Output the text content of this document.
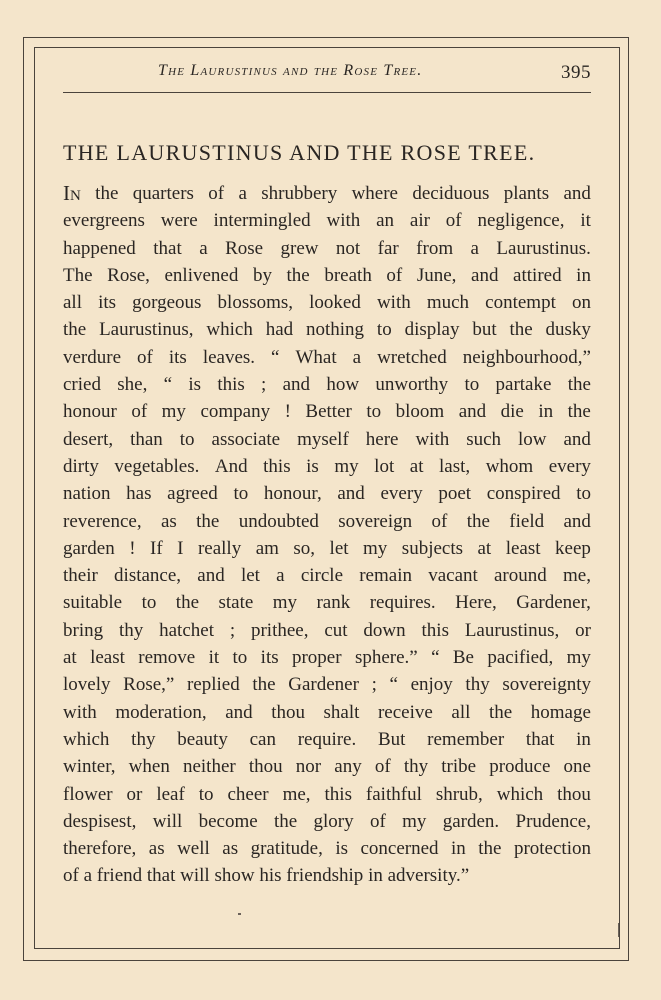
The Laurustinus and the Rose Tree.	395
THE LAURUSTINUS AND THE ROSE TREE.
In the quarters of a shrubbery where deciduous plants and
evergreens were intermingled with an air of negligence, it
happened that a Rose grew not far from a Laurustinus.
The Rose, enlivened by the breath of June, and attired in
all its gorgeous blossoms, looked with much contempt on
the Laurustinus, which had nothing to display but the dusky
verdure of its leaves. “ What a wretched neighbourhood,”
cried she, “ is this ; and how unworthy to partake the
honour of my company ! Better to bloom and die in the
desert, than to associate myself here with such low and
dirty vegetables. And this is my lot at last, whom every
nation has agreed to honour, and every poet conspired to
reverence, as the undoubted sovereign of the field and
garden ! If I really am so, let my subjects at least keep
their distance, and let a circle remain vacant around me,
suitable to the state my rank requires. Here, Gardener,
bring thy hatchet ; prithee, cut down this Laurustinus, or
at least remove it to its proper sphere.” “ Be pacified, my
lovely Rose,” replied the Gardener ; “ enjoy thy sovereignty
with moderation, and thou shalt receive all the homage
which thy beauty can require. But remember that in
winter, when neither thou nor any of thy tribe produce one
flower or leaf to cheer me, this faithful shrub, which thou
despisest, will become the glory of my garden. Prudence,
therefore, as well as gratitude, is concerned in the protection
of
a
friend
that
will
show
his
friendship
in
adversity.”
